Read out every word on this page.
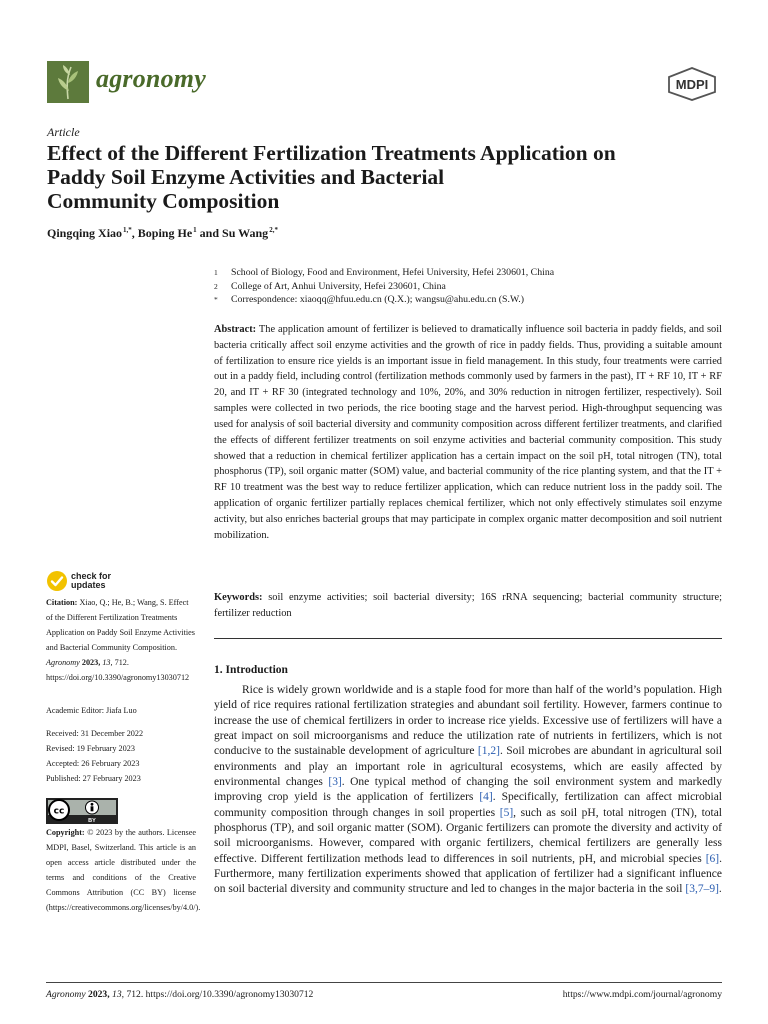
agronomy	MDPI
Article
Effect of the Different Fertilization Treatments Application on
Paddy Soil Enzyme Activities and Bacterial
Community Composition
Qingqing Xiao $^{1,*}$, Boping He $^1$ and Su Wang $^{2,*}$
1	School of Biology, Food and Environment, Hefei University, Hefei 230601, China
2	College of Art, Anhui University, Hefei 230601, China
*	Correspondence: xiaoqq@hfuu.edu.cn (Q.X.); wangsu@ahu.edu.cn (S.W.)
Abstract: The application amount of fertilizer is believed to dramatically influence soil bacteria in paddy fields, and soil bacteria critically affect soil enzyme activities and the growth of rice in paddy fields. Thus, providing a suitable amount of fertilization to ensure rice yields is an important issue in field management. In this study, four treatments were carried out in a paddy field, including control (fertilization methods commonly used by farmers in the past), IT + RF 10, IT + RF 20, and IT + RF 30 (integrated technology and 10%, 20%, and 30% reduction in nitrogen fertilizer, respectively). Soil samples were collected in two periods, the rice booting stage and the harvest period. High-throughput sequencing was used for analysis of soil bacterial diversity and community composition across different fertilizer treatments, and clarified the effects of different fertilizer treatments on soil enzyme activities and bacterial community composition. This study showed that a reduction in chemical fertilizer application has a certain impact on the soil pH, total nitrogen (TN), total phosphorus (TP), soil organic matter (SOM) value, and bacterial community of the rice planting system, and that the IT + RF 10 treatment was the best way to reduce fertilizer application, which can reduce nutrient loss in the paddy soil. The application of organic fertilizer partially replaces chemical fertilizer, which not only effectively stimulates soil enzyme activity, but also enriches bacterial groups that may participate in complex organic matter decomposition and soil nutrient mobilization.
Keywords: soil enzyme activities; soil bacterial diversity; 16S rRNA sequencing; bacterial community structure; fertilizer reduction
check for
updates
Citation: Xiao, Q.; He, B.; Wang, S. Effect of the Different Fertilization Treatments Application on Paddy Soil Enzyme Activities and Bacterial Community Composition. Agronomy 2023, 13, 712. https://doi.org/10.3390/agronomy13030712
Academic Editor: Jiafa Luo
Received: 31 December 2022
Revised: 19 February 2023
Accepted: 26 February 2023
Published: 27 February 2023
cc
BY
Copyright: © 2023 by the authors. Licensee MDPI, Basel, Switzerland. This article is an open access article distributed under the terms and conditions of the Creative Commons Attribution (CC BY) license (https://creativecommons.org/licenses/by/4.0/).
1. Introduction
Rice is widely grown worldwide and is a staple food for more than half of the world’s population. High yield of rice requires rational fertilization strategies and abundant soil fertility. However, farmers continue to increase the use of chemical fertilizers in order to increase rice yields. Excessive use of fertilizers will have a great impact on soil microorganisms and reduce the utilization rate of nutrients in fertilizers, which is not conducive to the sustainable development of agriculture [1,2]. Soil microbes are abundant in agricultural soil environments and play an important role in agricultural ecosystems, which are easily affected by environmental changes [3]. One typical method of changing the soil environment system and markedly improving crop yield is the application of fertilizers [4]. Specifically, fertilization can affect microbial community composition through changes in soil properties [5], such as soil pH, total nitrogen (TN), total phosphorus (TP), and soil organic matter (SOM). Organic fertilizers can promote the diversity and activity of soil microorganisms. However, compared with organic fertilizers, chemical fertilizers are generally less effective. Different fertilization methods lead to differences in soil nutrients, pH, and microbial species [6]. Furthermore, many fertilization experiments showed that application of fertilizer had a significant influence on soil bacterial diversity and community structure and led to changes in the major bacteria in the soil [3,7–9].
Agronomy 2023, 13, 712. https://doi.org/10.3390/agronomy13030712	https://www.mdpi.com/journal/agronomy
